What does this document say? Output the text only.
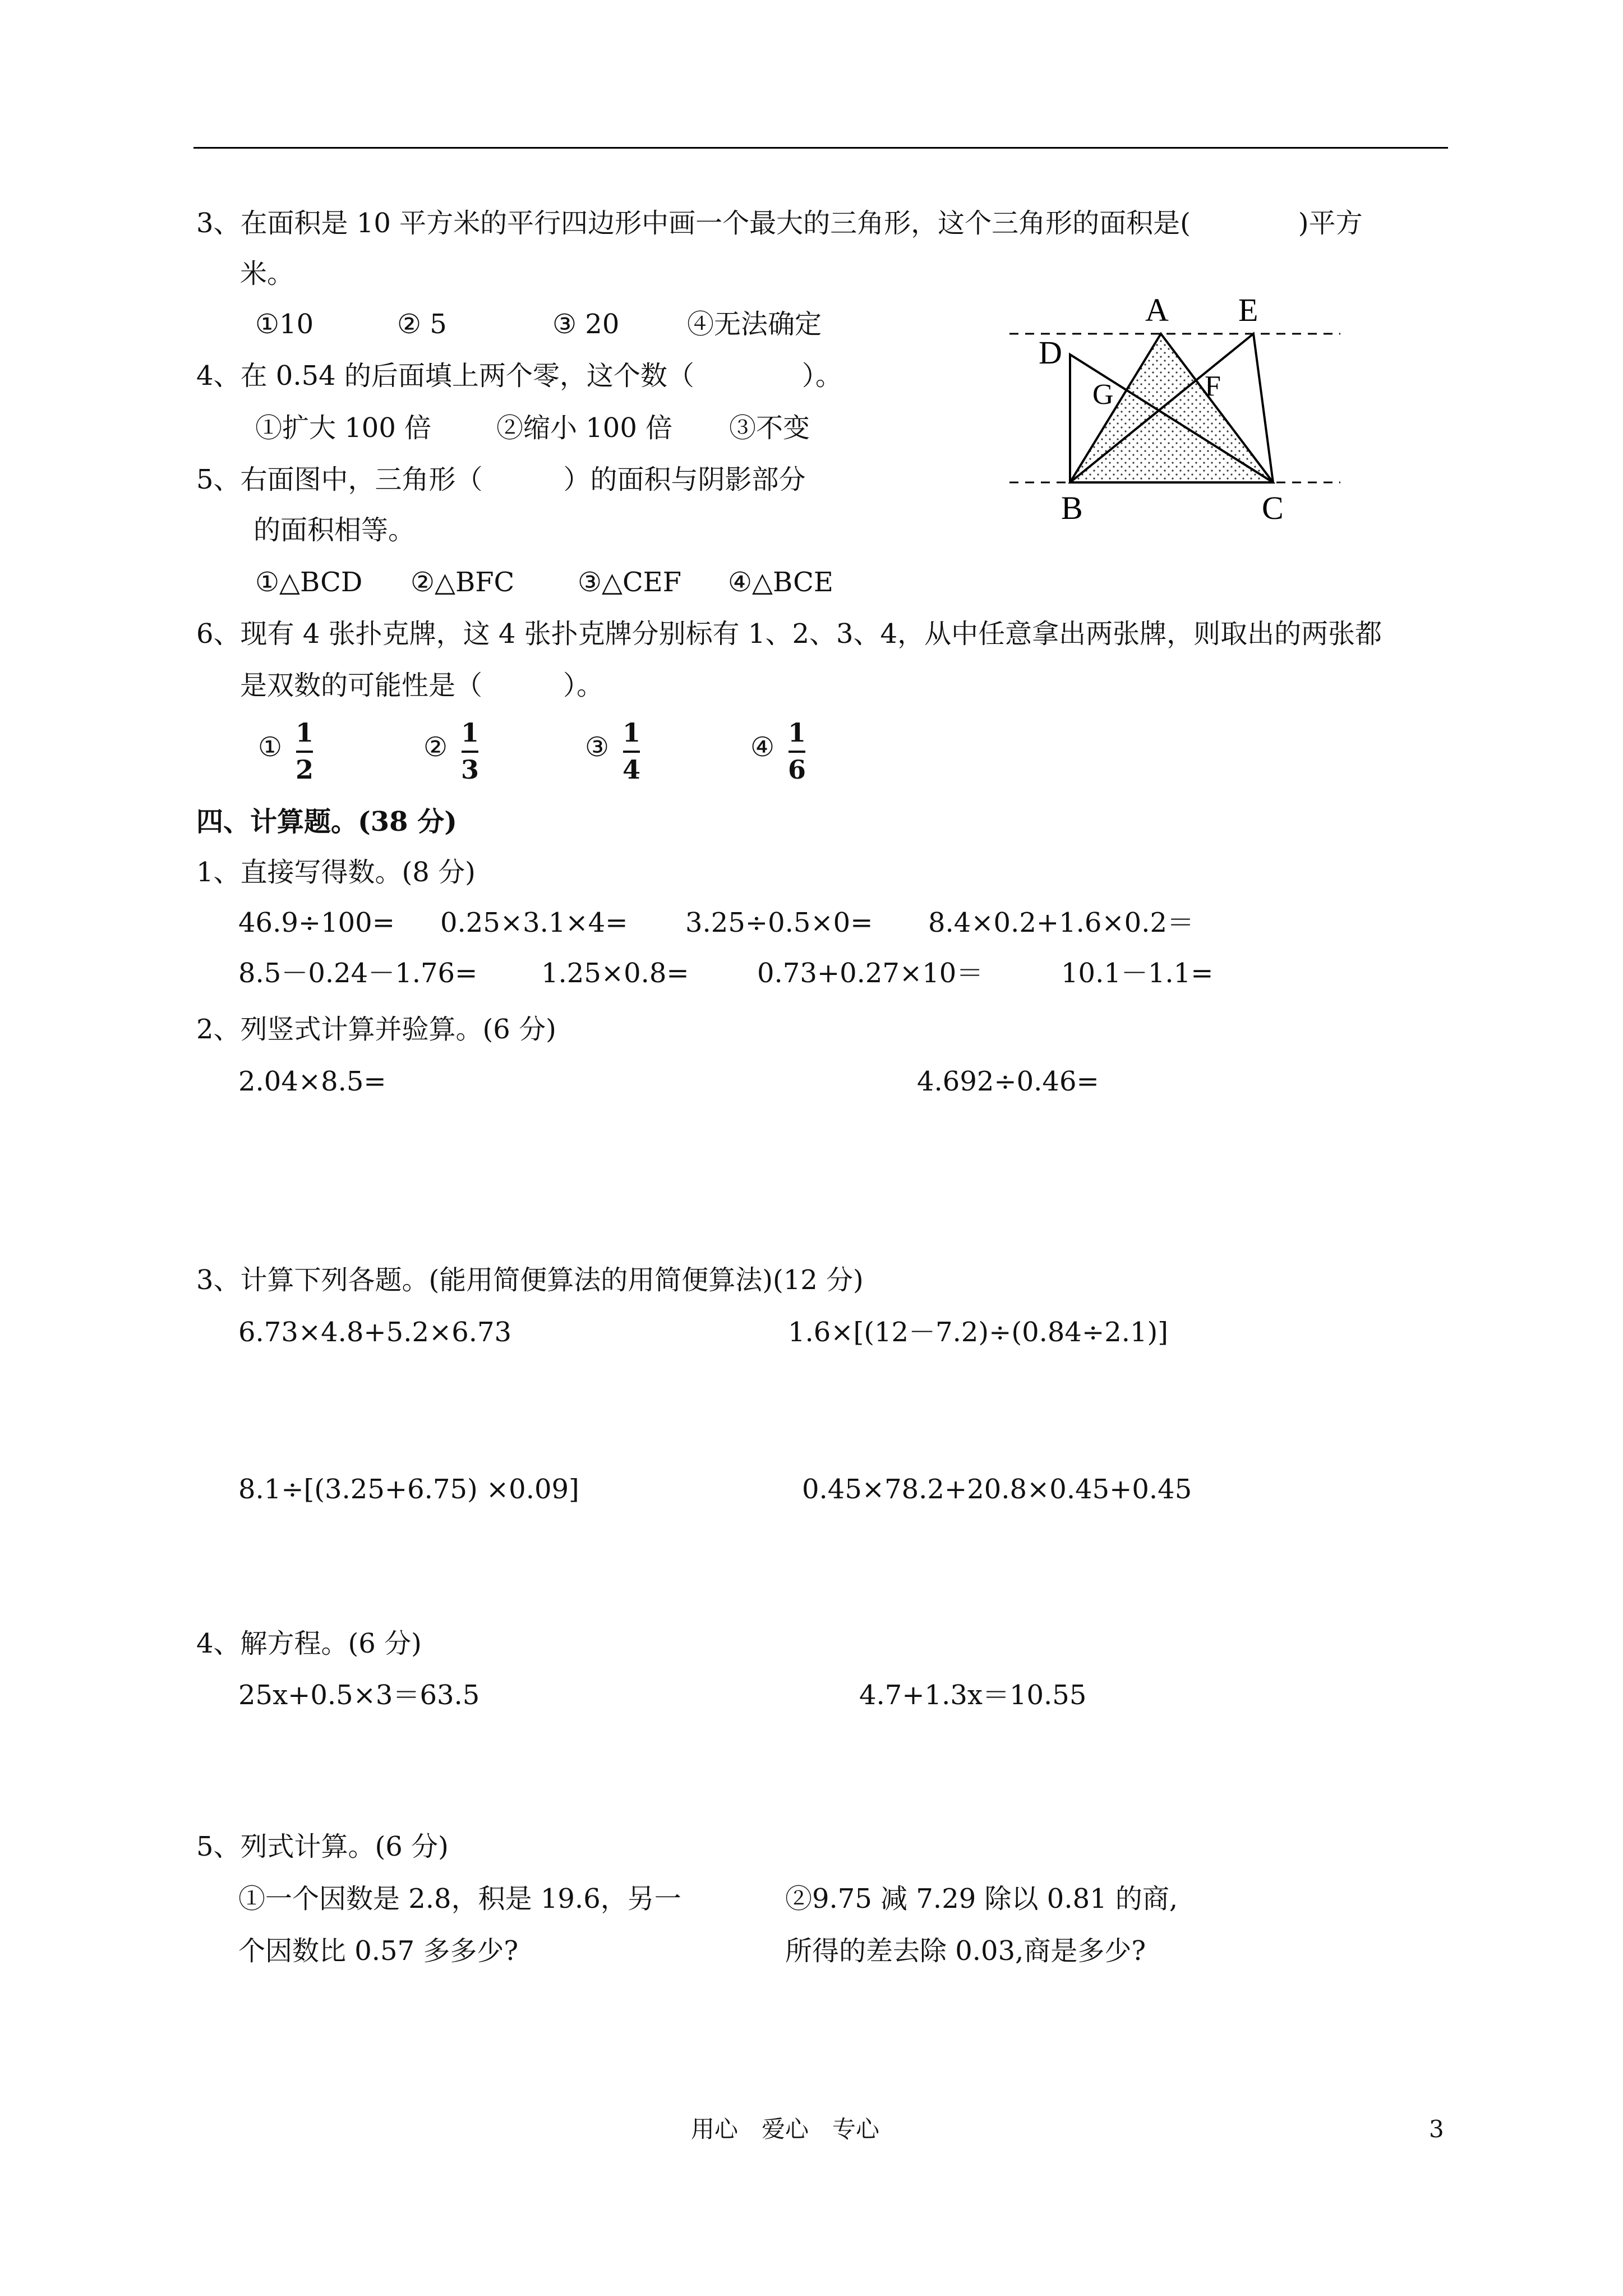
3、在面积是 10 平方米的平行四边形中画一个最大的三角形，这个三角形的面积是(　　　　)平方
米。
①10	② 5	③ 20	④无法确定
4、在 0.54 的后面填上两个零，这个数（　　　　）。
①扩大 100 倍 ②缩小 100 倍 ③不变
5、右面图中，三角形（　　　）的面积与阴影部分
的面积相等。
①△BCD ②△BFC ③△CEF ④△BCE
A E
D
G	F
B	C
6、现有 4 张扑克牌，这 4 张扑克牌分别标有 1、2、3、4，从中任意拿出两张牌，则取出的两张都
是双数的可能性是（　　　）。
① 1
2
② 1
3
③ 1
4
④ 1
6
四、计算题。(38 分)
1、直接写得数。(8 分)
46.9÷100= 0.25×3.1×4= 3.25÷0.5×0= 8.4×0.2+1.6×0.2＝
8.5－0.24－1.76= 1.25×0.8=	0.73+0.27×10＝	10.1－1.1=
2、列竖式计算并验算。(6 分)
2.04×8.5=	4.692÷0.46=
3、计算下列各题。(能用简便算法的用简便算法)(12 分)
6.73×4.8+5.2×6.73	1.6×[(12－7.2)÷(0.84÷2.1)]
8.1÷[(3.25+6.75) ×0.09]	0.45×78.2+20.8×0.45+0.45
4、解方程。(6 分)
25x+0.5×3＝63.5	4.7+1.3x＝10.55
5、列式计算。(6 分)
①一个因数是 2.8，积是 19.6，另一
个因数比 0.57 多多少?
②9.75 减 7.29 除以 0.81 的商,
所得的差去除 0.03,商是多少?
用心　爱心　专心	3
